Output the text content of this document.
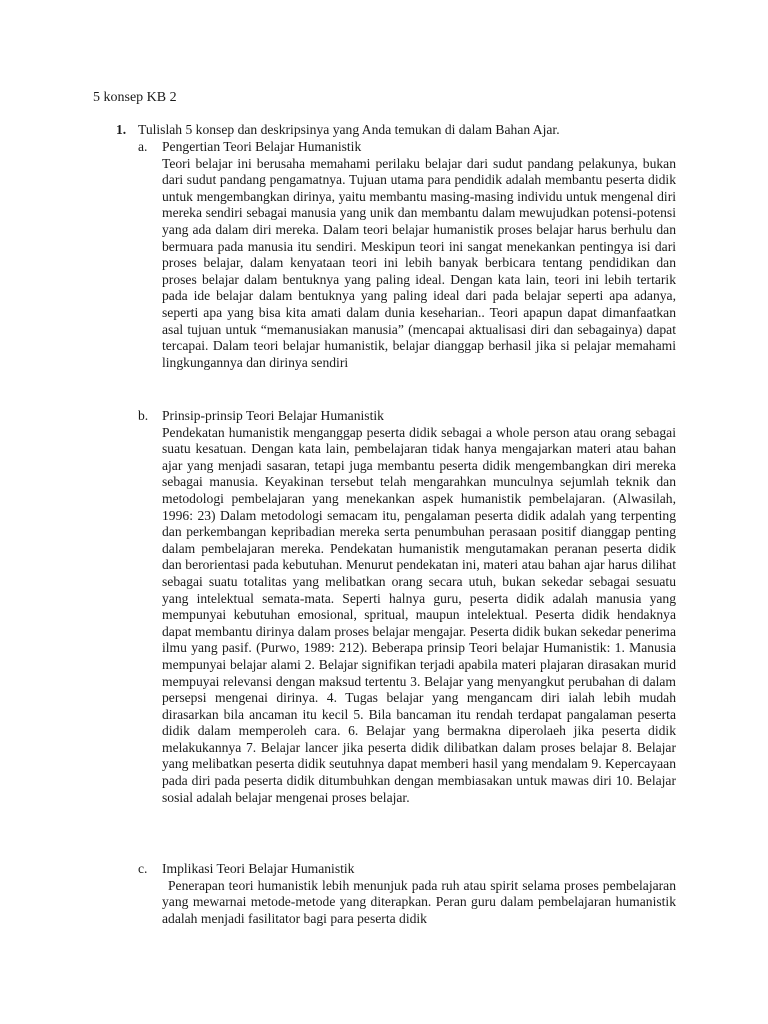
5 konsep KB 2
1. Tulislah 5 konsep dan deskripsinya yang Anda temukan di dalam Bahan Ajar.
a. Pengertian Teori Belajar Humanistik
Teori belajar ini berusaha memahami perilaku belajar dari sudut pandang pelakunya, bukan dari sudut pandang pengamatnya. Tujuan utama para pendidik adalah membantu peserta didik untuk mengembangkan dirinya, yaitu membantu masing-masing individu untuk mengenal diri mereka sendiri sebagai manusia yang unik dan membantu dalam mewujudkan potensi-potensi yang ada dalam diri mereka. Dalam teori belajar humanistik proses belajar harus berhulu dan bermuara pada manusia itu sendiri. Meskipun teori ini sangat menekankan pentingya isi dari proses belajar, dalam kenyataan teori ini lebih banyak berbicara tentang pendidikan dan proses belajar dalam bentuknya yang paling ideal. Dengan kata lain, teori ini lebih tertarik pada ide belajar dalam bentuknya yang paling ideal dari pada belajar seperti apa adanya, seperti apa yang bisa kita amati dalam dunia keseharian.. Teori apapun dapat dimanfaatkan asal tujuan untuk “memanusiakan manusia” (mencapai aktualisasi diri dan sebagainya) dapat tercapai. Dalam teori belajar humanistik, belajar dianggap berhasil jika si pelajar memahami lingkungannya dan dirinya sendiri
b. Prinsip-prinsip Teori Belajar Humanistik
Pendekatan humanistik menganggap peserta didik sebagai a whole person atau orang sebagai suatu kesatuan. Dengan kata lain, pembelajaran tidak hanya mengajarkan materi atau bahan ajar yang menjadi sasaran, tetapi juga membantu peserta didik mengembangkan diri mereka sebagai manusia. Keyakinan tersebut telah mengarahkan munculnya sejumlah teknik dan metodologi pembelajaran yang menekankan aspek humanistik pembelajaran. (Alwasilah, 1996: 23) Dalam metodologi semacam itu, pengalaman peserta didik adalah yang terpenting dan perkembangan kepribadian mereka serta penumbuhan perasaan positif dianggap penting dalam pembelajaran mereka. Pendekatan humanistik mengutamakan peranan peserta didik dan berorientasi pada kebutuhan. Menurut pendekatan ini, materi atau bahan ajar harus dilihat sebagai suatu totalitas yang melibatkan orang secara utuh, bukan sekedar sebagai sesuatu yang intelektual semata-mata. Seperti halnya guru, peserta didik adalah manusia yang mempunyai kebutuhan emosional, spritual, maupun intelektual. Peserta didik hendaknya dapat membantu dirinya dalam proses belajar mengajar. Peserta didik bukan sekedar penerima ilmu yang pasif. (Purwo, 1989: 212). Beberapa prinsip Teori belajar Humanistik: 1. Manusia mempunyai belajar alami 2. Belajar signifikan terjadi apabila materi plajaran dirasakan murid mempuyai relevansi dengan maksud tertentu 3. Belajar yang menyangkut perubahan di dalam persepsi mengenai dirinya. 4. Tugas belajar yang mengancam diri ialah lebih mudah dirasarkan bila ancaman itu kecil 5. Bila bancaman itu rendah terdapat pangalaman peserta didik dalam memperoleh cara. 6. Belajar yang bermakna diperolaeh jika peserta didik melakukannya 7. Belajar lancer jika peserta didik dilibatkan dalam proses belajar 8. Belajar yang melibatkan peserta didik seutuhnya dapat memberi hasil yang mendalam 9. Kepercayaan pada diri pada peserta didik ditumbuhkan dengan membiasakan untuk mawas diri 10. Belajar sosial adalah belajar mengenai proses belajar.
c. Implikasi Teori Belajar Humanistik
Penerapan teori humanistik lebih menunjuk pada ruh atau spirit selama proses pembelajaran yang mewarnai metode-metode yang diterapkan. Peran guru dalam pembelajaran humanistik adalah menjadi fasilitator bagi para peserta didik
